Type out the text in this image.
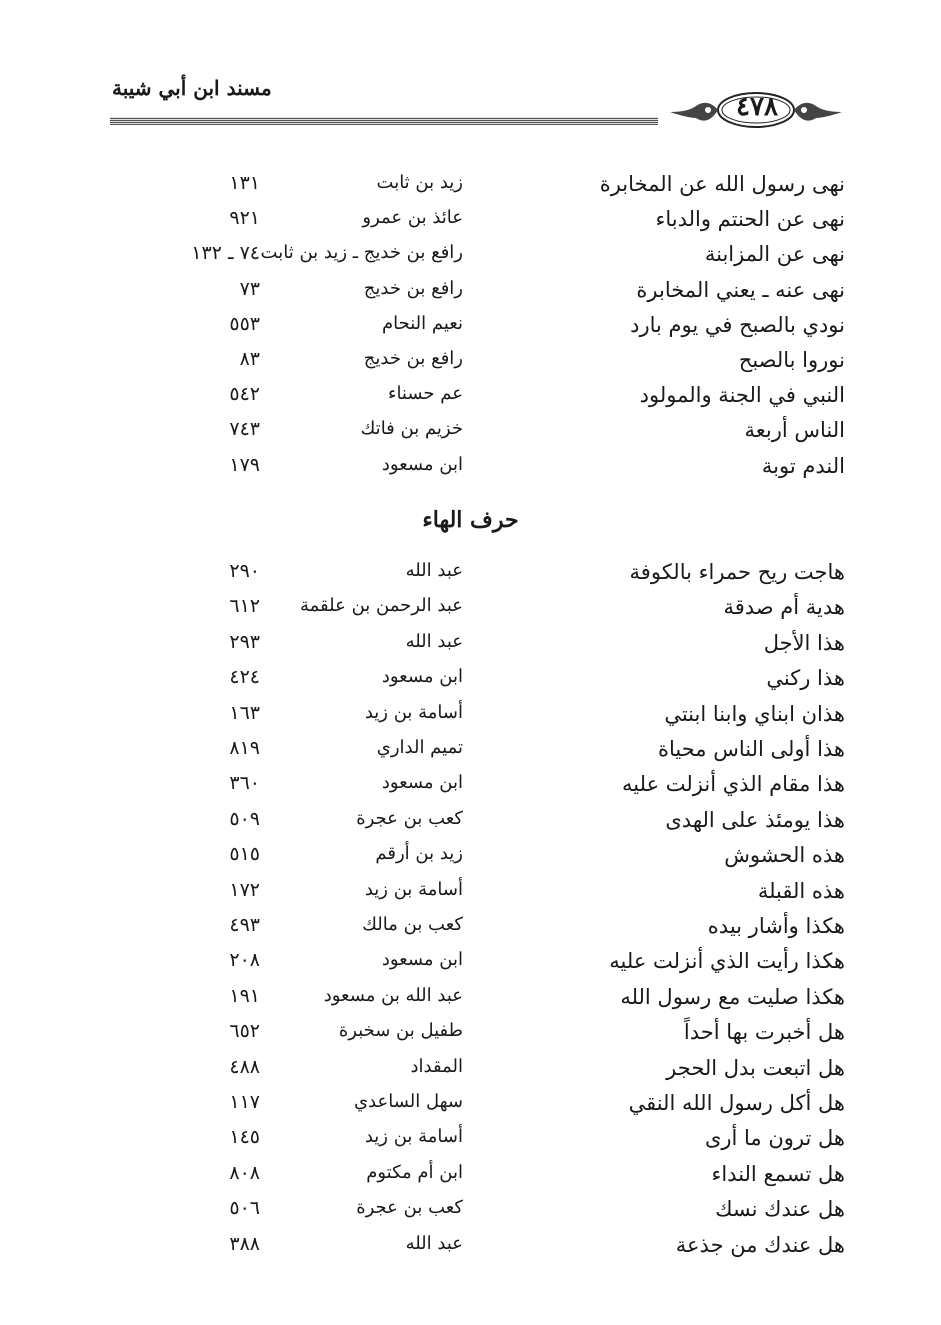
مسند ابن أبي شيبة
٤٧٨
نهى رسول الله عن المخابرة
زيد بن ثابت
١٣١
نهى عن الحنتم والدباء
عائذ بن عمرو
٩٢١
نهى عن المزابنة
رافع بن خديج ـ زيد بن ثابت
٧٤ ـ ١٣٢
نهى عنه ـ يعني المخابرة
رافع بن خديج
٧٣
نودي بالصبح في يوم بارد
نعيم النحام
٥٥٣
نوروا بالصبح
رافع بن خديج
٨٣
النبي في الجنة والمولود
عم حسناء
٥٤٢
الناس أربعة
خزيم بن فاتك
٧٤٣
الندم توبة
ابن مسعود
١٧٩
هاجت ريح حمراء بالكوفة
عبد الله
٢٩٠
هدية أم صدقة
عبد الرحمن بن علقمة
٦١٢
هذا الأجل
عبد الله
٢٩٣
هذا ركني
ابن مسعود
٤٢٤
هذان ابناي وابنا ابنتي
أسامة بن زيد
١٦٣
هذا أولى الناس محياة
تميم الداري
٨١٩
هذا مقام الذي أنزلت عليه
ابن مسعود
٣٦٠
هذا يومئذ على الهدى
كعب بن عجرة
٥٠٩
هذه الحشوش
زيد بن أرقم
٥١٥
هذه القبلة
أسامة بن زيد
١٧٢
هكذا وأشار بيده
كعب بن مالك
٤٩٣
هكذا رأيت الذي أنزلت عليه
ابن مسعود
٢٠٨
هكذا صليت مع رسول الله
عبد الله بن مسعود
١٩١
هل أخبرت بها أحداً
طفيل بن سخبرة
٦٥٢
هل اتبعت بدل الحجر
المقداد
٤٨٨
هل أكل رسول الله النقي
سهل الساعدي
١١٧
هل ترون ما أرى
أسامة بن زيد
١٤٥
هل تسمع النداء
ابن أم مكتوم
٨٠٨
هل عندك نسك
كعب بن عجرة
٥٠٦
هل عندك من جذعة
عبد الله
٣٨٨
حرف الهاء
